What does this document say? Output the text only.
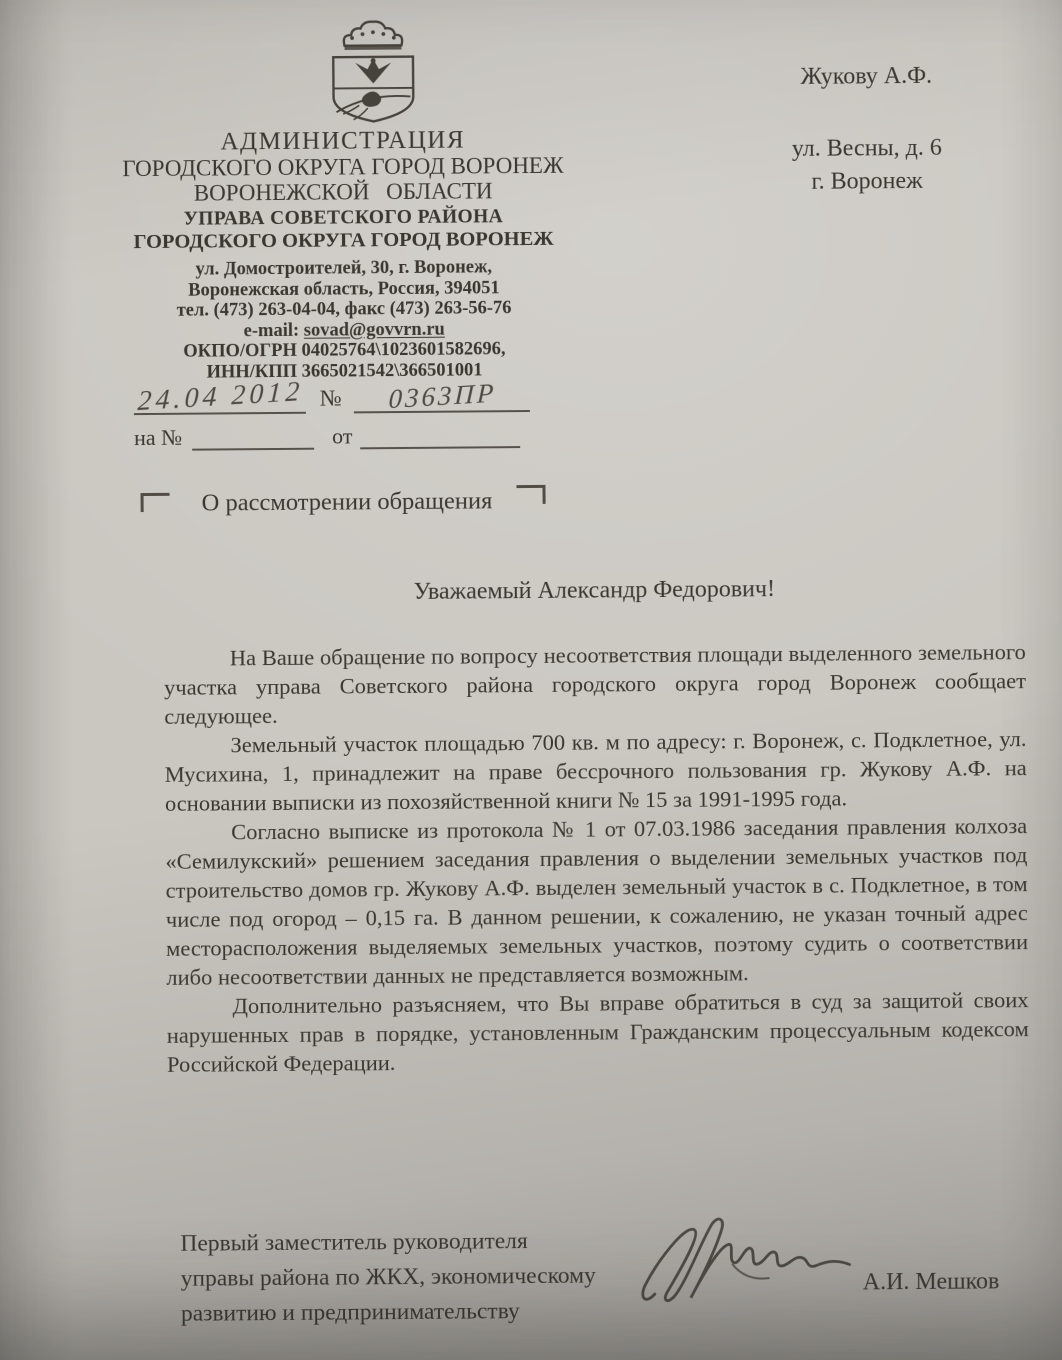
АДМИНИСТРАЦИЯ
ГОРОДСКОГО ОКРУГА ГОРОД ВОРОНЕЖ
ВОРОНЕЖСКОЙ ОБЛАСТИ
УПРАВА СОВЕТСКОГО РАЙОНА
ГОРОДСКОГО ОКРУГА ГОРОД ВОРОНЕЖ
ул. Домостроителей, 30, г. Воронеж,
Воронежская область, Россия, 394051
тел. (473) 263-04-04, факс (473) 263-56-76
e-mail: sovad@govvrn.ru
ОКПО/ОГРН 04025764\1023601582696,
ИНН/КПП 3665021542\366501001
Жукову А.Ф.
ул. Весны, д. 6
г. Воронеж
24.04 2012 № 0363ПР
на №	от
О рассмотрении обращения
Уважаемый Александр Федорович!

На Ваше обращение по вопросу несоответствия площади выделенного земельного участка управа Советского района городского округа город Воронеж сообщает следующее.

Земельный участок площадью 700 кв. м по адресу: г. Воронеж, с. Подклетное, ул. Мусихина, 1, принадлежит на праве бессрочного пользования гр. Жукову А.Ф. на основании выписки из похозяйственной книги № 15 за 1991-1995 года.

Согласно выписке из протокола № 1 от 07.03.1986 заседания правления колхоза «Семилукский» решением заседания правления о выделении земельных участков под строительство домов гр. Жукову А.Ф. выделен земельный участок в с. Подклетное, в том числе под огород – 0,15 га. В данном решении, к сожалению, не указан точный адрес месторасположения выделяемых земельных участков, поэтому судить о соответствии либо несоответствии данных не представляется возможным.

Дополнительно разъясняем, что Вы вправе обратиться в суд за защитой своих нарушенных прав в порядке, установленным Гражданским процессуальным кодексом Российской Федерации.

Первый заместитель руководителя
управы района по ЖКХ, экономическому
развитию и предпринимательству
А.И. Мешков
